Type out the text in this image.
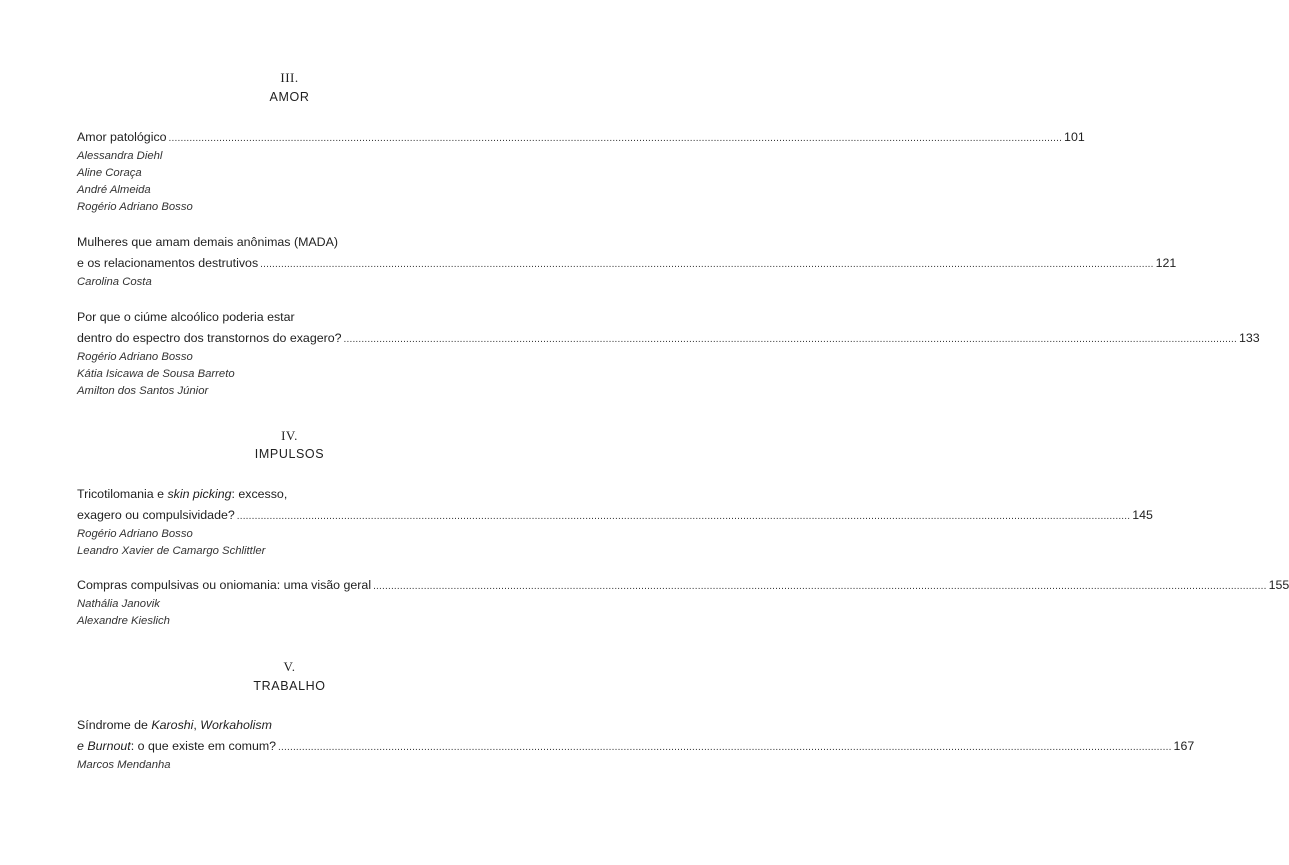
III.
AMOR
Amor patológico ............................................................................................................................................................................................................................................................................................................ 101
Alessandra Diehl
Aline Coraça
André Almeida
Rogério Adriano Bosso
Mulheres que amam demais anônimas (MADA)
e os relacionamentos destrutivos ............................................................................................................................................................................................................................................................................................................ 121
Carolina Costa
Por que o ciúme alcoólico poderia estar
dentro do espectro dos transtornos do exagero? ............................................................................................................................................................................................................................................................................................................ 133
Rogério Adriano Bosso
Kátia Isicawa de Sousa Barreto
Amilton dos Santos Júnior
IV.
IMPULSOS
Tricotilomania e skin picking: excesso,
exagero ou compulsividade? ............................................................................................................................................................................................................................................................................................................ 145
Rogério Adriano Bosso
Leandro Xavier de Camargo Schlittler
Compras compulsivas ou oniomania: uma visão geral ............................................................................................................................................................................................................................................................................................................ 155
Nathália Janovik
Alexandre Kieslich
V.
TRABALHO
Síndrome de Karoshi, Workaholism
e Burnout: o que existe em comum? ............................................................................................................................................................................................................................................................................................................ 167
Marcos Mendanha
